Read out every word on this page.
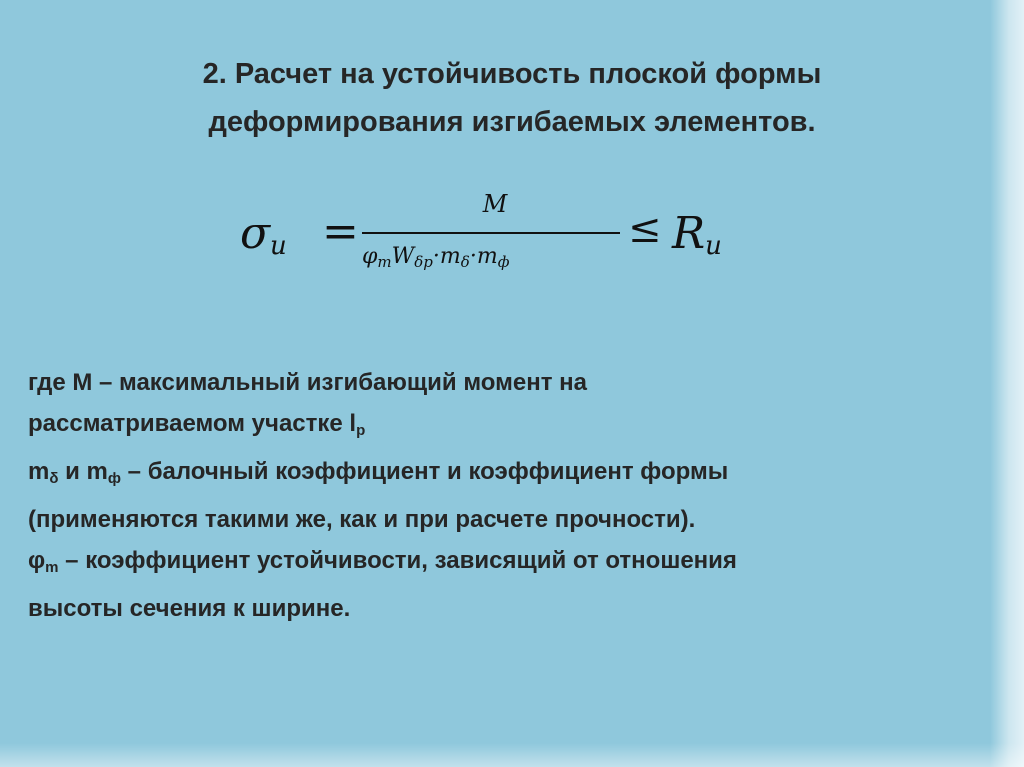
2. Расчет на устойчивость плоской формы
деформирования изгибаемых элементов.
$\sigma_u$ =
M
$\varphi_mW_{\delta p}\cdot m_\delta\cdot m_ф$
≤ $R_u$

где М – максимальный изгибающий момент на

рассматриваемом участке $l_р$

$m_\delta$ и $m_ф$ – балочный коэффициент и коэффициент формы

(применяются такими же, как и при расчете прочности).

$\varphi_m$ – коэффициент устойчивости, зависящий от отношения

высоты сечения к ширине.
